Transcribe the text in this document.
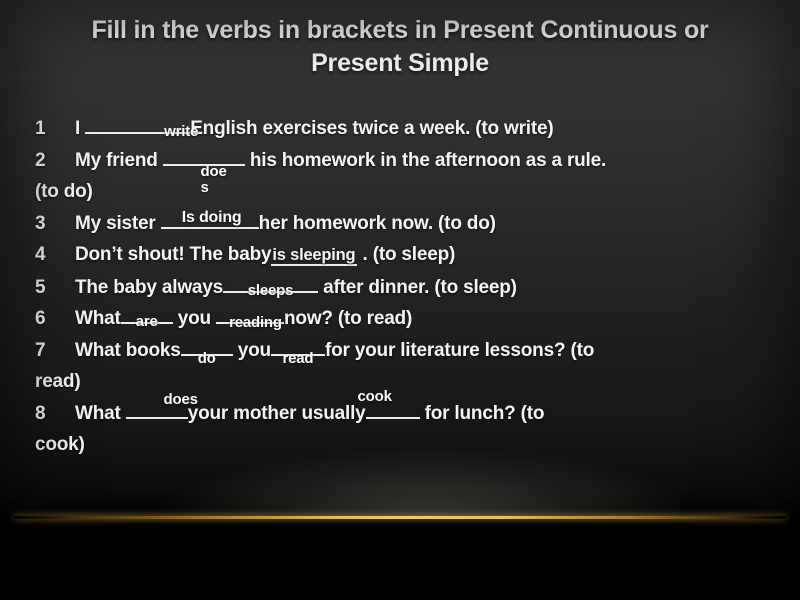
Fill in the verbs in brackets in Present Continuous or
Present Simple
1 I	write
English exercises twice a week. (to write)
2 My friend
doe
s
his homework in the afternoon as a rule.
(to do)
3 My sister Is doing her homework now. (to do)
4 Don’t shout! The babyis sleeping . (to sleep)
5 The baby always sleeps after dinner. (to sleep)
6 What are you reading now? (to read)
7 What books do you read for your literature lessons? (to
read)
8 What
does
your mother usually
cook
for lunch? (to
cook)
